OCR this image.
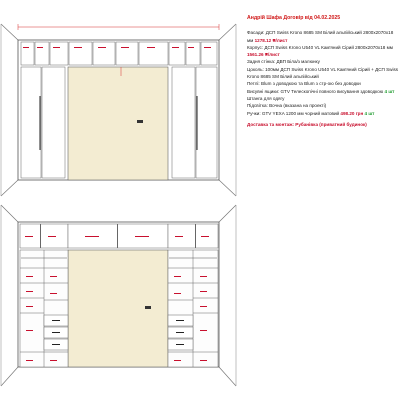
Андрій Шафа Договір від 04.02.2025

Фасади: ДСП Swiss Krono 8685 SM Білий альпійський 2800х2070х18 мм 1278.12 ₴/лист

Корпус: ДСП Swiss Krono U540 VL Кам'яний Сірий 2800х2070х18 мм 1561.26 ₴/лист

Задня стінка: ДВП Біла/з малюнку

Цоколь: 100мм ДСП Swiss Krono U540 VL Кам'яний Сірий + ДСП Swiss Krono 8685 SM Білий альпійський

Петлі: Blum з доводкою та Blum з стр-ою без доводки

Висувні ящики: GTV Телескопічні повного висування здоводкою 4 шт

Штанга для одягу

Підсвітка: Вочна (вказана на проекті)

Ручки: GTV YEXA 1200 мм чорний матовий 498.20 грн 4 шт

Доставка та монтаж: Рубанівка (приватний будинок)
